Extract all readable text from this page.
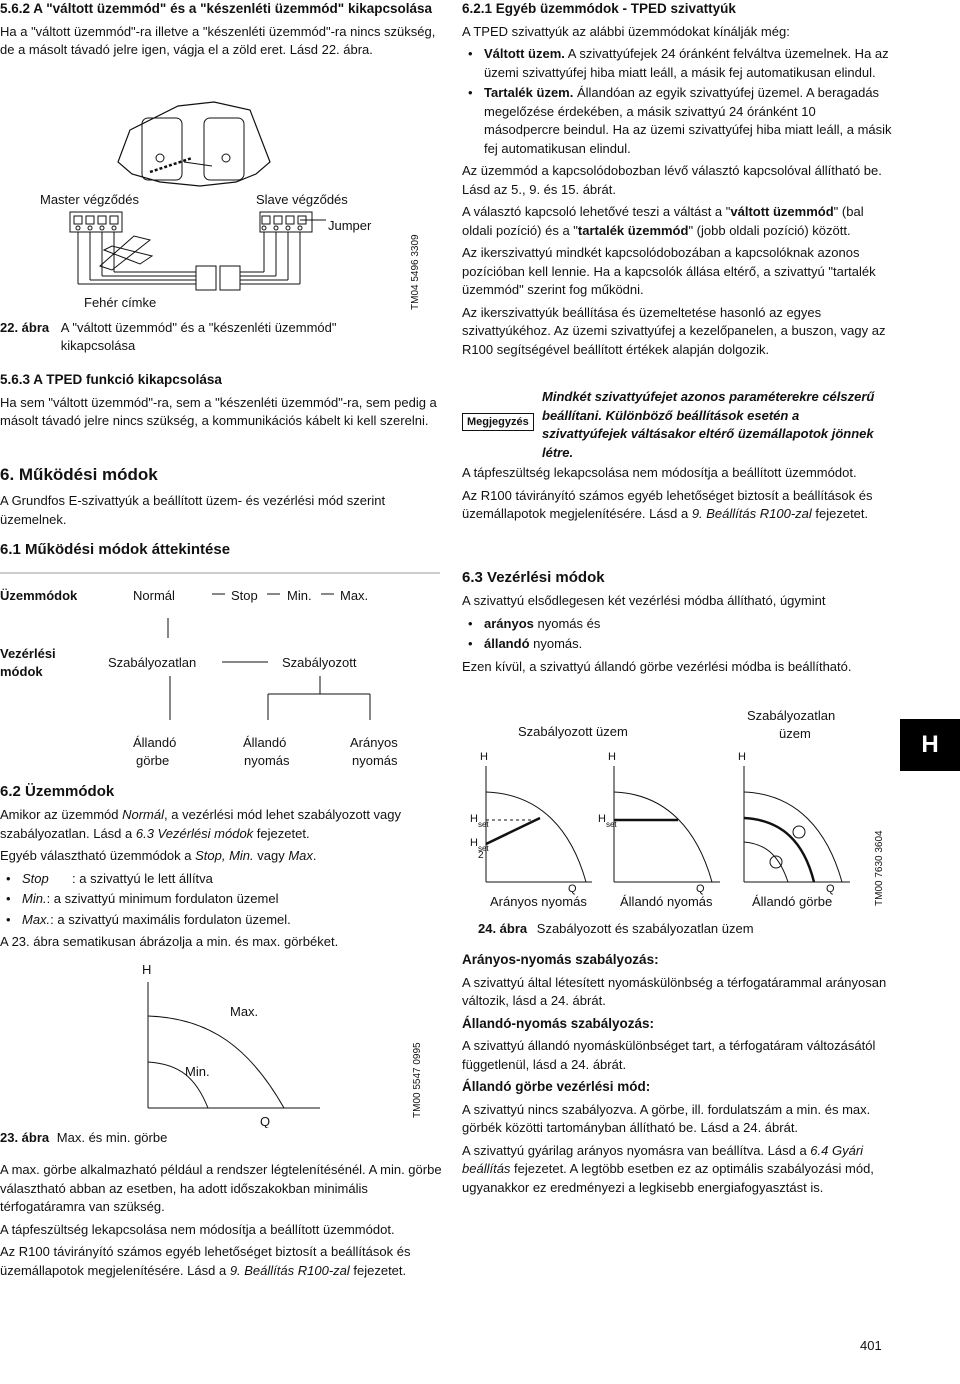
5.6.2 A "váltott üzemmód" és a "készenléti üzemmód" kikapcsolása
Ha a "váltott üzemmód"-ra illetve a "készenléti üzemmód"-ra nincs szükség, de a másolt távadó jelre igen, vágja el a zöld eret. Lásd 22. ábra.
Master végződés	Slave végződés
Jumper
Fehér címke	TM04 5496 3309
22. ábra A "váltott üzemmód" és a "készenléti üzemmód" kikapcsolása
5.6.3 A TPED funkció kikapcsolása
Ha sem "váltott üzemmód"-ra, sem a "készenléti üzemmód"-ra, sem pedig a másolt távadó jelre nincs szükség, a kommunikációs kábelt ki kell szerelni.
6. Működési módok
A Grundfos E-szivattyúk a beállított üzem- és vezérlési mód szerint üzemelnek.
6.1 Működési módok áttekintése
Üzemmódok	Normál	Stop Min. Max.
Vezérlési
módok
Szabályozatlan	Szabályozott
Állandó
görbe
Állandó
nyomás
Arányos
nyomás
6.2 Üzemmódok
Amikor az üzemmód Normál, a vezérlési mód lehet szabályozott vagy szabályozatlan. Lásd a 6.3 Vezérlési módok fejezetet.
Egyéb választható üzemmódok a Stop, Min. vagy Max.
• Stop : a szivattyú le lett állítva
• Min.: a szivattyú minimum fordulaton üzemel
• Max.: a szivattyú maximális fordulaton üzemel.
A 23. ábra sematikusan ábrázolja a min. és max. görbéket.
H
Q
Max.
Min.	TM00 5547 0995
23. ábra Max. és min. görbe
A max. görbe alkalmazható például a rendszer légtelenítésénél. A min. görbe választható abban az esetben, ha adott időszakokban minimális térfogatáramra van szükség.
A tápfeszültség lekapcsolása nem módosítja a beállított üzemmódot.
Az R100 távirányító számos egyéb lehetőséget biztosít a beállítások és üzemállapotok megjelenítésére. Lásd a 9. Beállítás R100-zal fejezetet.
6.2.1 Egyéb üzemmódok - TPED szivattyúk
A TPED szivattyúk az alábbi üzemmódokat kínálják még:
• Váltott üzem. A szivattyúfejek 24 óránként felváltva üzemelnek. Ha az üzemi szivattyúfej hiba miatt leáll, a másik fej automatikusan elindul.
• Tartalék üzem. Állandóan az egyik szivattyúfej üzemel. A beragadás megelőzése érdekében, a másik szivattyú 24 óránként 10 másodpercre beindul. Ha az üzemi szivattyúfej hiba miatt leáll, a másik fej automatikusan elindul.
Az üzemmód a kapcsolódobozban lévő választó kapcsolóval állítható be. Lásd az 5., 9. és 15. ábrát.
A választó kapcsoló lehetővé teszi a váltást a "váltott üzemmód" (bal oldali pozíció) és a "tartalék üzemmód" (jobb oldali pozíció) között.
Az ikerszivattyú mindkét kapcsolódobozában a kapcsolóknak azonos pozícióban kell lennie. Ha a kapcsolók állása eltérő, a szivattyú "tartalék üzemmód" szerint fog működni.
Az ikerszivattyúk beállítása és üzemeltetése hasonló az egyes szivattyúkéhoz. Az üzemi szivattyúfej a kezelőpanelen, a buszon, vagy az R100 segítségével beállított értékek alapján dolgozik.
Megjegyzés
Mindkét szivattyúfejet azonos paraméterekre célszerű beállítani. Különböző beállítások esetén a szivattyúfejek váltásakor eltérő üzemállapotok jönnek létre.
A tápfeszültség lekapcsolása nem módosítja a beállított üzemmódot.
Az R100 távirányító számos egyéb lehetőséget biztosít a beállítások és üzemállapotok megjelenítésére. Lásd a 9. Beállítás R100-zal fejezetet.
6.3 Vezérlési módok
A szivattyú elsődlegesen két vezérlési módba állítható, úgymint
• arányos nyomás és
• állandó nyomás.
Ezen kívül, a szivattyú állandó görbe vezérlési módba is beállítható.
Szabályozott üzem
Szabályozatlan
üzem
H
$H_{set}$
$H_{set}$
2
Q
H
$H_{set}$
Q
H
Q
Arányos nyomás	Állandó nyomás	Állandó görbe	TM00 7630 3604
24. ábra Szabályozott és szabályozatlan üzem
Arányos-nyomás szabályozás:
A szivattyú által létesített nyomáskülönbség a térfogatárammal arányosan változik, lásd a 24. ábrát.
Állandó-nyomás szabályozás:
A szivattyú állandó nyomáskülönbséget tart, a térfogatáram változásától függetlenül, lásd a 24. ábrát.
Állandó görbe vezérlési mód:
A szivattyú nincs szabályozva. A görbe, ill. fordulatszám a min. és max. görbék közötti tartományban állítható be. Lásd a 24. ábrát.
A szivattyú gyárilag arányos nyomásra van beállítva. Lásd a 6.4 Gyári beállítás fejezetet. A legtöbb esetben ez az optimális szabályozási mód, ugyanakkor ez eredményezi a legkisebb energiafogyasztást is.
H
401
